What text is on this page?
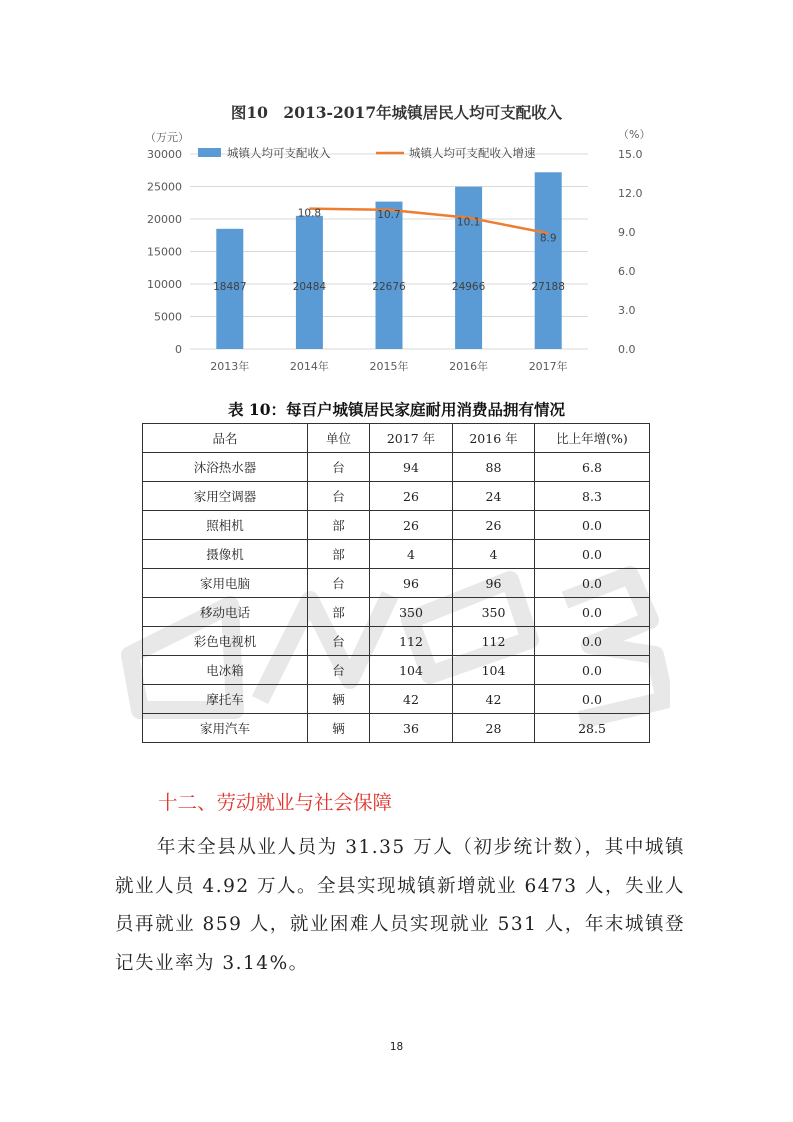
图10　2013-2017年城镇居民人均可支配收入
0
5000
10000
15000
20000
25000
30000
0.0
3.0
6.0
9.0
12.0
15.0
（万元）	（%）
18487	20484	22676	24966	27188
2013年	2014年	2015年	2016年	2017年
10.8	10.7
10.1
8.9
城镇人均可支配收入	城镇人均可支配收入增速
表 10：每百户城镇居民家庭耐用消费品拥有情况
品名	单位	2017 年	2016 年	比上年增(%)
沐浴热水器	台	94	88	6.8
家用空调器	台	26	24	8.3
照相机	部	26	26	0.0
摄像机	部	4	4	0.0
家用电脑	台	96	96	0.0
移动电话	部	350	350	0.0
彩色电视机	台	112	112	0.0
电冰箱	台	104	104	0.0
摩托车	辆	42	42	0.0
家用汽车	辆	36	28	28.5
十二、劳动就业与社会保障

年末全县从业人员为 31.35 万人（初步统计数），其中城镇就业人员 4.92 万人。全县实现城镇新增就业 6473 人，失业人员再就业 859 人，就业困难人员实现就业 531 人，年末城镇登记失业率为 3.14%。

18
